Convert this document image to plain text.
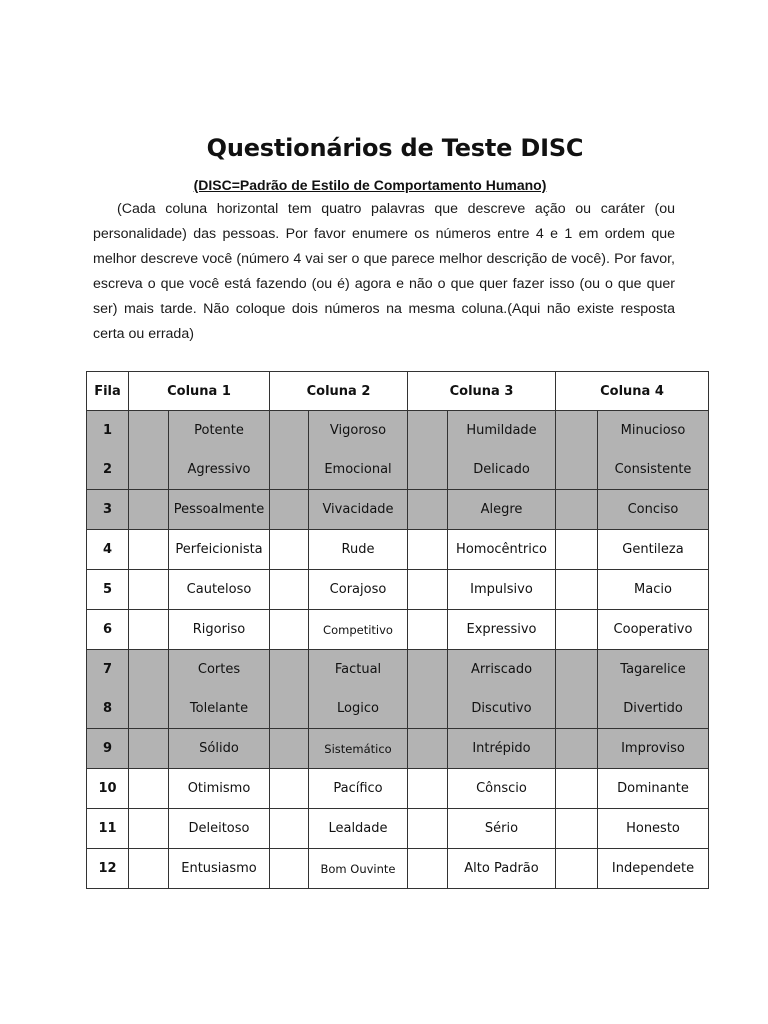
Questionários de Teste DISC
(DISC=Padrão de Estilo de Comportamento Humano)

(Cada coluna horizontal tem quatro palavras que descreve ação ou caráter (ou personalidade) das pessoas. Por favor enumere os números entre 4 e 1 em ordem que melhor descreve você (número 4 vai ser o que parece melhor descrição de você). Por favor, escreva o que você está fazendo (ou é) agora e não o que quer fazer isso (ou o que quer ser) mais tarde. Não coloque dois números na mesma coluna.(Aqui não existe resposta certa ou errada)

Fila	Coluna 1		Coluna 2		Coluna 3		Coluna 4	
1		Potente		Vigoroso		Humildade		Minucioso
2		Agressivo		Emocional		Delicado		Consistente
3		Pessoalmente		Vivacidade		Alegre		Conciso
4		Perfeicionista		Rude		Homocêntrico		Gentileza
5		Cauteloso		Corajoso		Impulsivo		Macio
6		Rigoriso		Competitivo		Expressivo		Cooperativo
7		Cortes		Factual		Arriscado		Tagarelice
8		Tolelante		Logico		Discutivo		Divertido
9		Sólido		Sistemático		Intrépido		Improviso
10		Otimismo		Pacífico		Cônscio		Dominante
11		Deleitoso		Lealdade		Sério		Honesto
12		Entusiasmo		Bom Ouvinte		Alto Padrão		Independete
